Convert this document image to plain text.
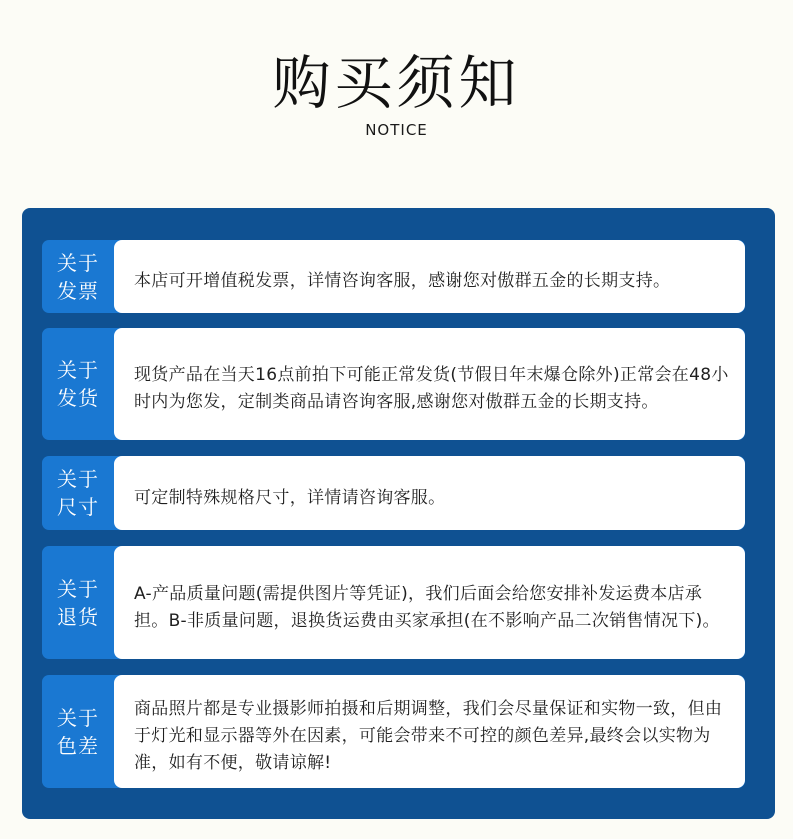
购买须知
NOTICE
关于
发票 本店可开增值税发票，详情咨询客服，感谢您对傲群五金的长期支持。

关于
发货

现货产品在当天16点前拍下可能正常发货(节假日年末爆仓除外)正常会在48小时内为您发，定制类商品请咨询客服,感谢您对傲群五金的长期支持。

关于
尺寸 可定制特殊规格尺寸，详情请咨询客服。

关于
退货

A-产品质量问题(需提供图片等凭证)，我们后面会给您安排补发运费本店承担。B-非质量问题，退换货运费由买家承担(在不影响产品二次销售情况下)。

关于
色差

商品照片都是专业摄影师拍摄和后期调整，我们会尽量保证和实物一致，但由于灯光和显示器等外在因素，可能会带来不可控的颜色差异,最终会以实物为准，如有不便，敬请谅解!
